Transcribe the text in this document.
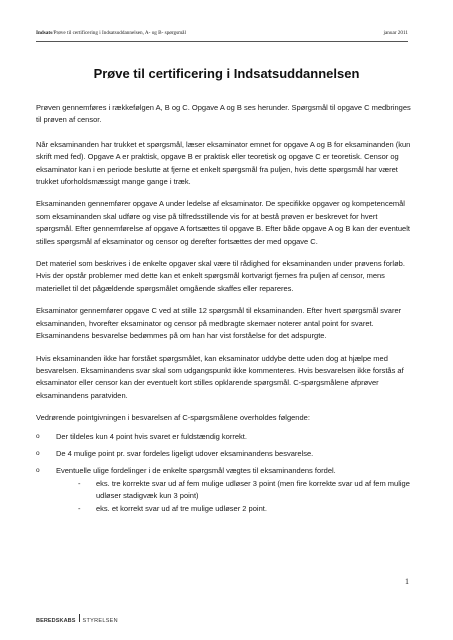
Indsats/Prøve til certificering i Indsatsuddannelsen, A- og B- spørgsmål	januar 2011
Prøve til certificering i Indsatsuddannelsen

Prøven gennemføres i rækkefølgen A, B og C. Opgave A og B ses herunder. Spørgsmål til opgave C medbringes til prøven af censor.

Når eksaminanden har trukket et spørgsmål, læser eksaminator emnet for opgave A og B for eksaminanden (kun skrift med fed). Opgave A er praktisk, opgave B er praktisk eller teoretisk og opgave C er teoretisk. Censor og eksaminator kan i en periode beslutte at fjerne et enkelt spørgsmål fra puljen, hvis dette spørgsmål har været trukket uforholdsmæssigt mange gange i træk.

Eksaminanden gennemfører opgave A under ledelse af eksaminator. De specifikke opgaver og kompetencemål som eksaminanden skal udføre og vise på tilfredsstillende vis for at bestå prøven er beskrevet for hvert spørgsmål. Efter gennemførelse af opgave A fortsættes til opgave B. Efter både opgave A og B kan der eventuelt stilles spørgsmål af eksaminator og censor og derefter fortsættes der med opgave C.

Det materiel som beskrives i de enkelte opgaver skal være til rådighed for eksaminanden under prøvens forløb. Hvis der opstår problemer med dette kan et enkelt spørgsmål kortvarigt fjernes fra puljen af censor, mens materiellet til det pågældende spørgsmålet omgående skaffes eller repareres.

Eksaminator gennemfører opgave C ved at stille 12 spørgsmål til eksaminanden. Efter hvert spørgsmål svarer eksaminanden, hvorefter eksaminator og censor på medbragte skemaer noterer antal point for svaret. Eksaminandens besvarelse bedømmes på om han har vist forståelse for det adspurgte.

Hvis eksaminanden ikke har forstået spørgsmålet, kan eksaminator uddybe dette uden dog at hjælpe med besvarelsen. Eksaminandens svar skal som udgangspunkt ikke kommenteres. Hvis besvarelsen ikke forstås af eksaminator eller censor kan der eventuelt kort stilles opklarende spørgsmål. C-spørgsmålene afprøver eksaminandens paratviden.

Vedrørende pointgivningen i besvarelsen af C-spørgsmålene overholdes følgende:

o Der tildeles kun 4 point hvis svaret er fuldstændig korrekt.
o De 4 mulige point pr. svar fordeles ligeligt udover eksaminandens besvarelse.
o Eventuelle ulige fordelinger i de enkelte spørgsmål vægtes til eksaminandens fordel.
- eks. tre korrekte svar ud af fem mulige udløser 3 point (men fire korrekte svar ud af fem mulige udløser stadigvæk kun 3 point)
- eks. et korrekt svar ud af tre mulige udløser 2 point.
1
BEREDSKABS STYRELSEN
